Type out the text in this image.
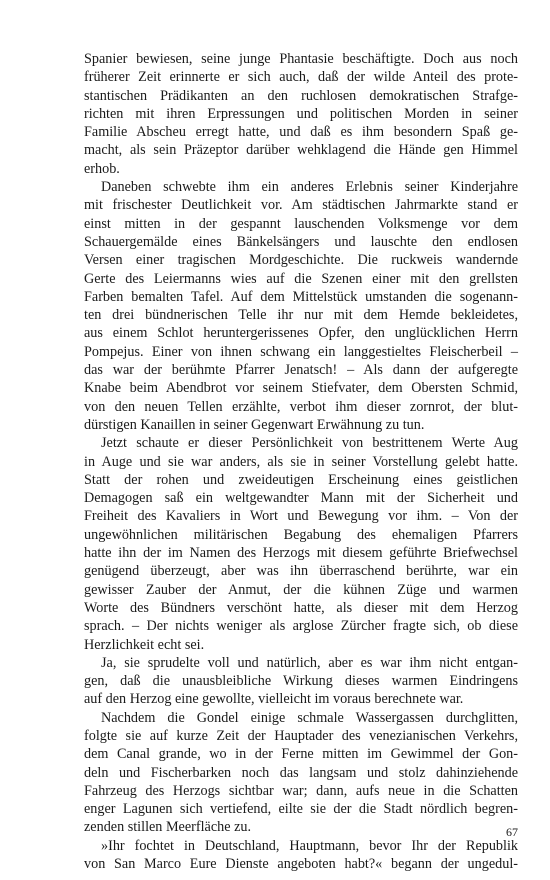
Spanier bewiesen, seine junge Phantasie beschäftigte. Doch aus noch
früherer Zeit erinnerte er sich auch, daß der wilde Anteil des prote-
stantischen Prädikanten an den ruchlosen demokratischen Strafge-
richten mit ihren Erpressungen und politischen Morden in seiner
Familie Abscheu erregt hatte, und daß es ihm besondern Spaß ge-
macht, als sein Präzeptor darüber wehklagend die Hände gen Himmel
erhob.
Daneben schwebte ihm ein anderes Erlebnis seiner Kinderjahre
mit frischester Deutlichkeit vor. Am städtischen Jahrmarkte stand er
einst mitten in der gespannt lauschenden Volksmenge vor dem
Schauergemälde eines Bänkelsängers und lauschte den endlosen
Versen einer tragischen Mordgeschichte. Die ruckweis wandernde
Gerte des Leiermanns wies auf die Szenen einer mit den grellsten
Farben bemalten Tafel. Auf dem Mittelstück umstanden die sogenann-
ten drei bündnerischen Telle ihr nur mit dem Hemde bekleidetes,
aus einem Schlot heruntergerissenes Opfer, den unglücklichen Herrn
Pompejus. Einer von ihnen schwang ein langgestieltes Fleischerbeil –
das war der berühmte Pfarrer Jenatsch! – Als dann der aufgeregte
Knabe beim Abendbrot vor seinem Stiefvater, dem Obersten Schmid,
von den neuen Tellen erzählte, verbot ihm dieser zornrot, der blut-
dürstigen Kanaillen in seiner Gegenwart Erwähnung zu tun.
Jetzt schaute er dieser Persönlichkeit von bestrittenem Werte Aug
in Auge und sie war anders, als sie in seiner Vorstellung gelebt hatte.
Statt der rohen und zweideutigen Erscheinung eines geistlichen
Demagogen saß ein weltgewandter Mann mit der Sicherheit und
Freiheit des Kavaliers in Wort und Bewegung vor ihm. – Von der
ungewöhnlichen militärischen Begabung des ehemaligen Pfarrers
hatte ihn der im Namen des Herzogs mit diesem geführte Briefwechsel
genügend überzeugt, aber was ihn überraschend berührte, war ein
gewisser Zauber der Anmut, der die kühnen Züge und warmen
Worte des Bündners verschönt hatte, als dieser mit dem Herzog
sprach. – Der nichts weniger als arglose Zürcher fragte sich, ob diese
Herzlichkeit echt sei.
Ja, sie sprudelte voll und natürlich, aber es war ihm nicht entgan-
gen, daß die unausbleibliche Wirkung dieses warmen Eindringens
auf den Herzog eine gewollte, vielleicht im voraus berechnete war.
Nachdem die Gondel einige schmale Wassergassen durchglitten,
folgte sie auf kurze Zeit der Hauptader des venezianischen Verkehrs,
dem Canal grande, wo in der Ferne mitten im Gewimmel der Gon-
deln und Fischerbarken noch das langsam und stolz dahinziehende
Fahrzeug des Herzogs sichtbar war; dann, aufs neue in die Schatten
enger Lagunen sich vertiefend, eilte sie der die Stadt nördlich begren-
zenden stillen Meerfläche zu.
»Ihr fochtet in Deutschland, Hauptmann, bevor Ihr der Republik
von San Marco Eure Dienste angeboten habt?« begann der ungedul-
67
